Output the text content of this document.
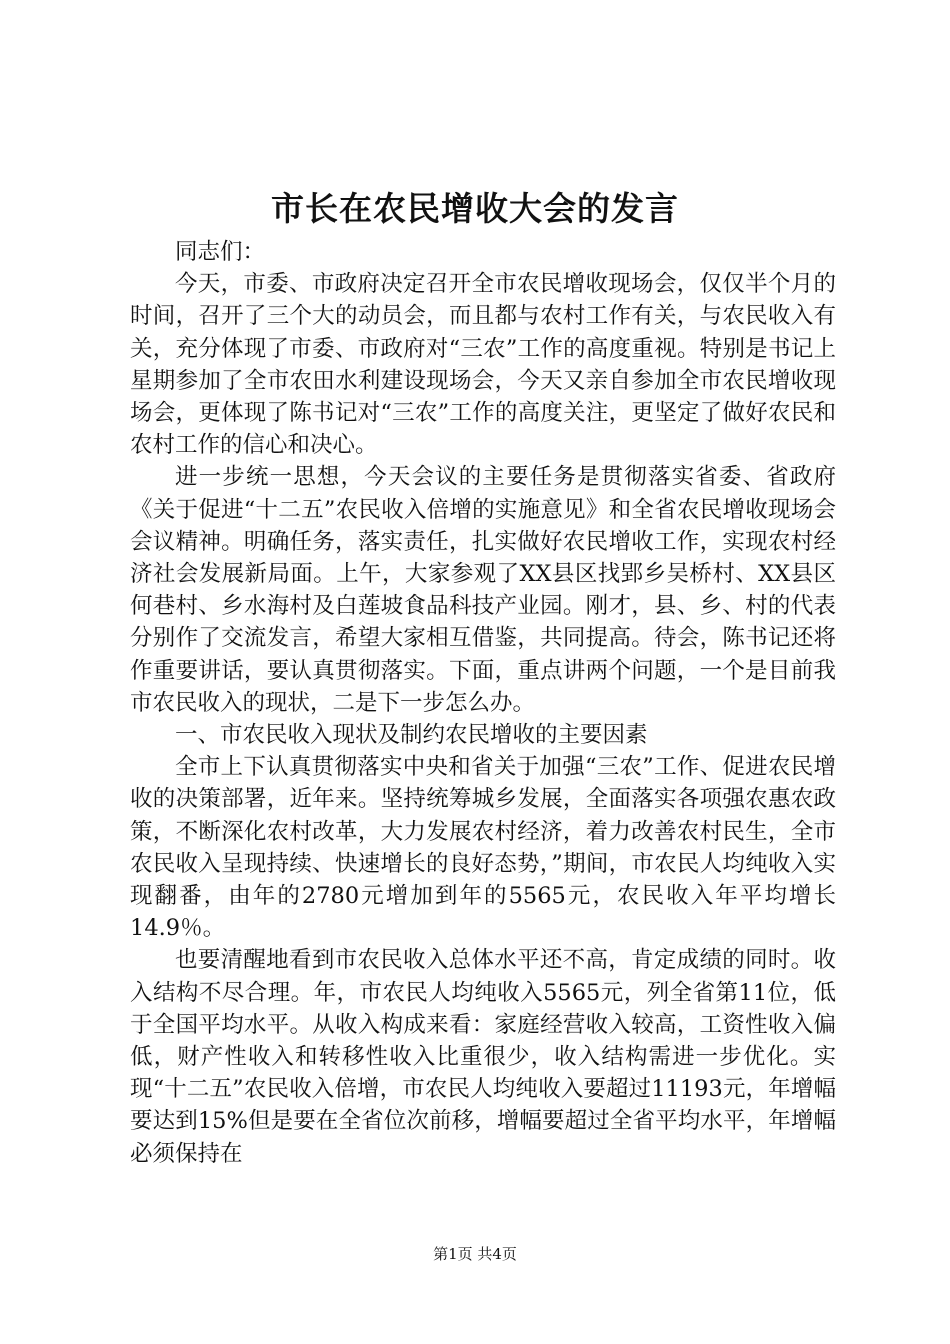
市长在农民增收大会的发言

同志们：

今天，市委、市政府决定召开全市农民增收现场会，仅仅半个月的时间，召开了三个大的动员会，而且都与农村工作有关，与农民收入有关，充分体现了市委、市政府对“三农”工作的高度重视。特别是书记上星期参加了全市农田水利建设现场会，今天又亲自参加全市农民增收现场会，更体现了陈书记对“三农”工作的高度关注，更坚定了做好农民和农村工作的信心和决心。

进一步统一思想，今天会议的主要任务是贯彻落实省委、省政府《关于促进“十二五”农民收入倍增的实施意见》和全省农民增收现场会会议精神。明确任务，落实责任，扎实做好农民增收工作，实现农村经济社会发展新局面。上午，大家参观了XX县区找郢乡吴桥村、XX县区何巷村、乡水海村及白莲坡食品科技产业园。刚才，县、乡、村的代表分别作了交流发言，希望大家相互借鉴，共同提高。待会，陈书记还将作重要讲话，要认真贯彻落实。下面，重点讲两个问题，一个是目前我市农民收入的现状，二是下一步怎么办。

一、市农民收入现状及制约农民增收的主要因素

全市上下认真贯彻落实中央和省关于加强“三农”工作、促进农民增收的决策部署，近年来。坚持统筹城乡发展，全面落实各项强农惠农政策，不断深化农村改革，大力发展农村经济，着力改善农村民生，全市农民收入呈现持续、快速增长的良好态势，”期间，市农民人均纯收入实现翻番，由年的2780元增加到年的5565元，农民收入年平均增长14.9％。

也要清醒地看到市农民收入总体水平还不高，肯定成绩的同时。收入结构不尽合理。年，市农民人均纯收入5565元，列全省第11位，低于全国平均水平。从收入构成来看：家庭经营收入较高，工资性收入偏低，财产性收入和转移性收入比重很少，收入结构需进一步优化。实现“十二五”农民收入倍增，市农民人均纯收入要超过11193元，年增幅要达到15%但是要在全省位次前移，增幅要超过全省平均水平，年增幅必须保持在

第1页 共4页
